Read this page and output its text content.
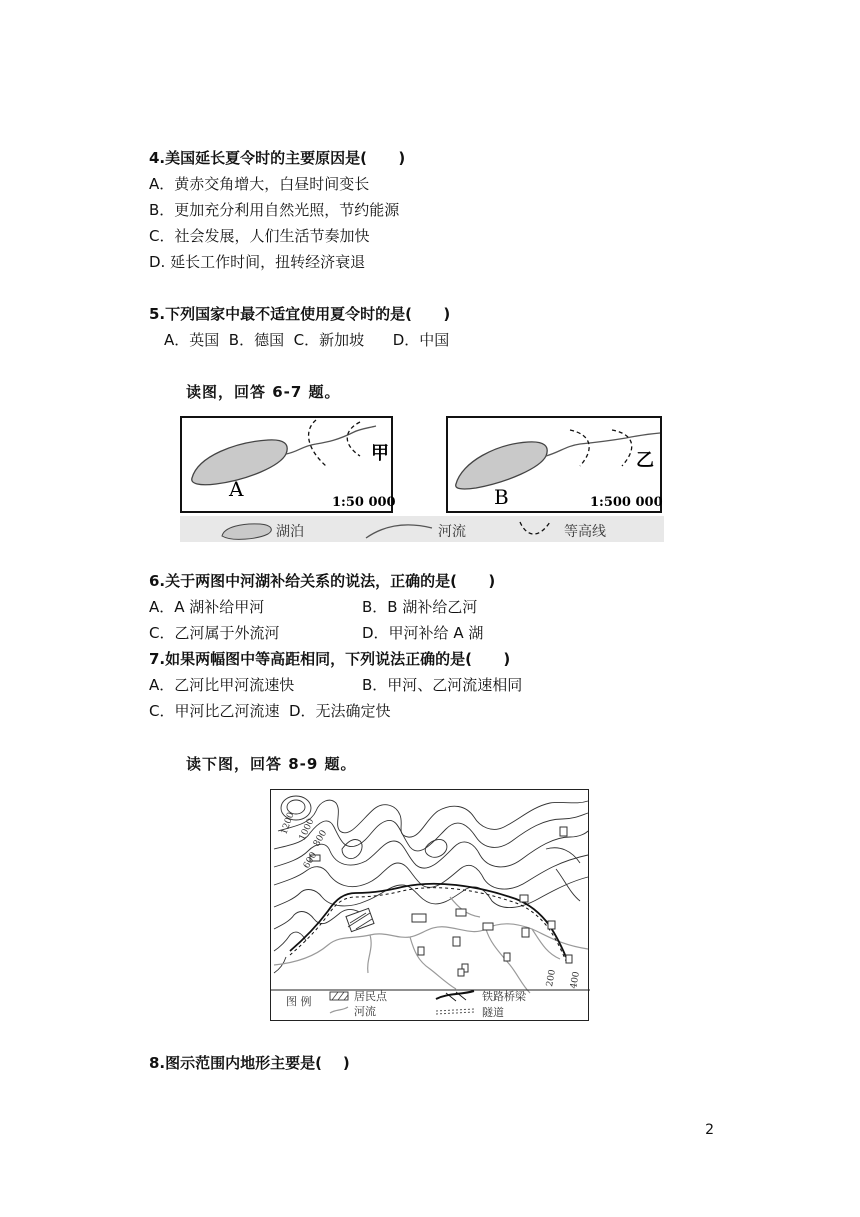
4.美国延长夏令时的主要原因是(      )
A．黄赤交角增大，白昼时间变长
B．更加充分利用自然光照，节约能源
C．社会发展，人们生活节奏加快
D. 延长工作时间，扭转经济衰退
5.下列国家中最不适宜使用夏令时的是(      )
A．英国  B．德国  C．新加坡      D．中国
读图，回答 6-7 题。
甲
A
1:50 000
乙
B	1:500 000
湖泊	河流	等高线
6.关于两图中河湖补给关系的说法，正确的是(      )
A．A 湖补给甲河	B．B 湖补给乙河
C．乙河属于外流河	D．甲河补给 A 湖
7.如果两幅图中等高距相同，下列说法正确的是(      )
A．乙河比甲河流速快	B．甲河、乙河流速相同
C．甲河比乙河流速  D．无法确定快
读下图，回答 8-9 题。
1200 1000
800
600
200 400
图 例	居民点
河流
铁路桥梁
隧道
8.图示范围内地形主要是(    )
2
